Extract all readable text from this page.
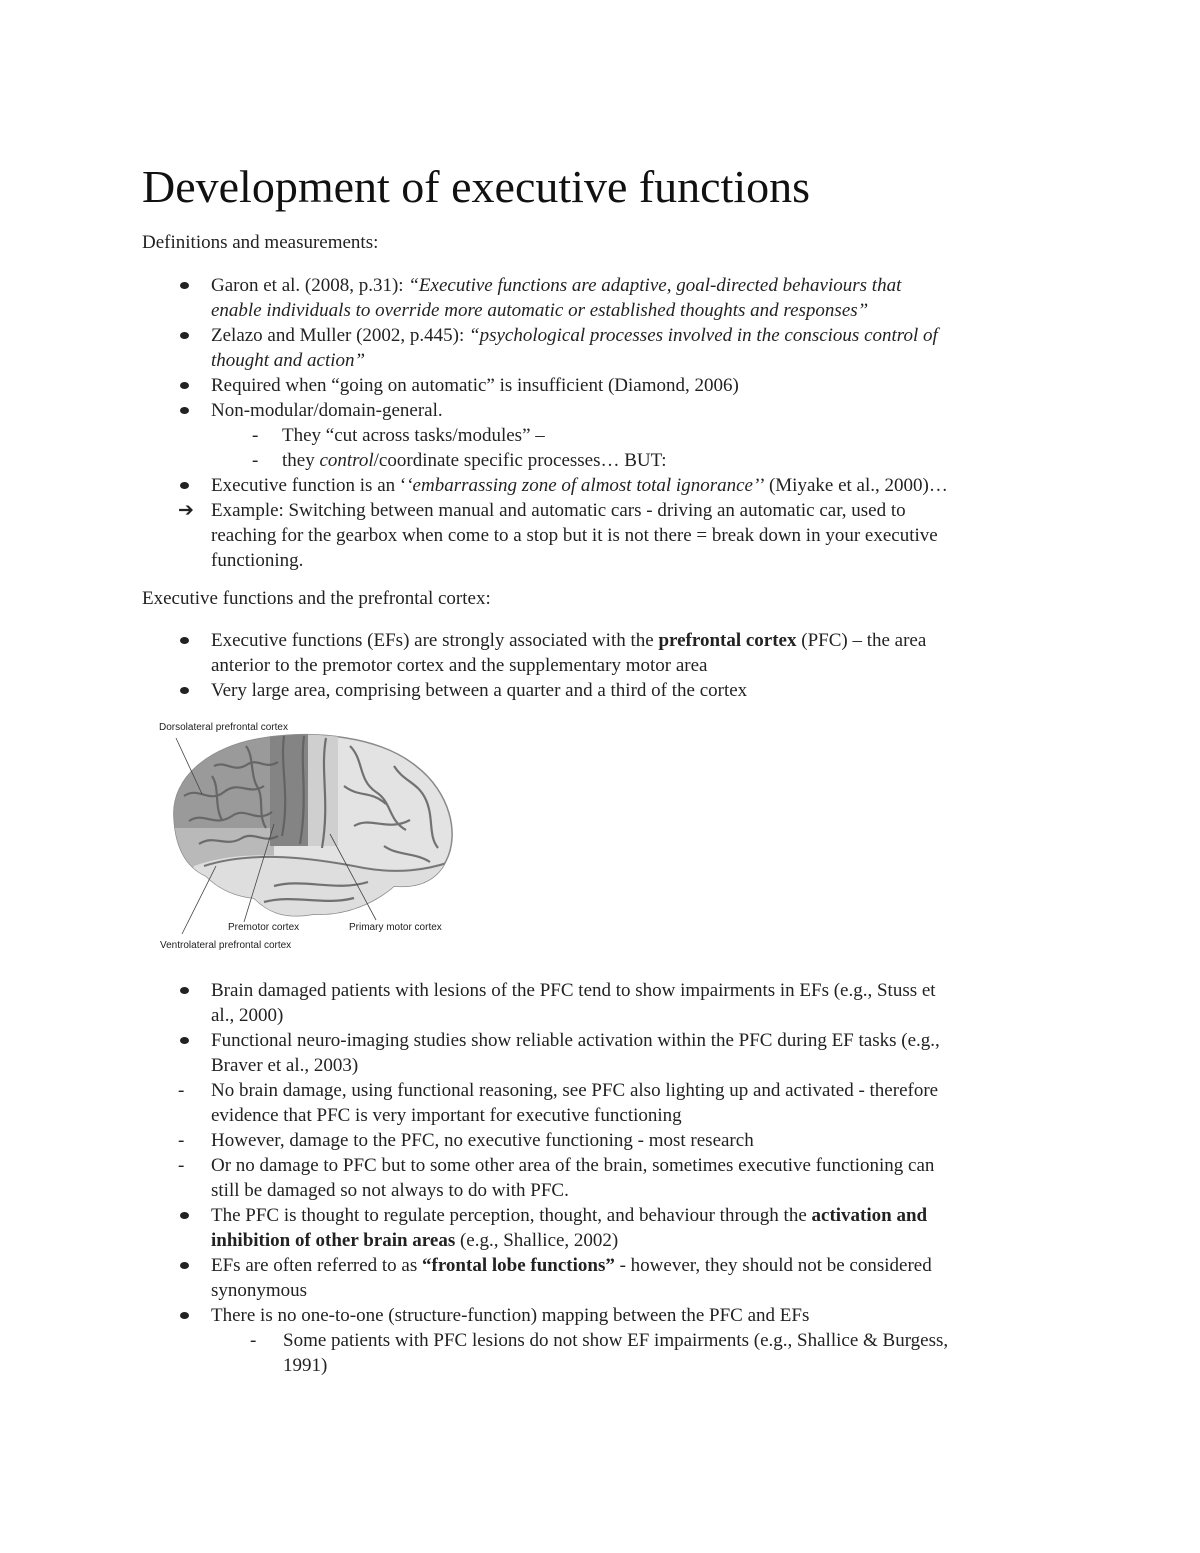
Development of executive functions
Definitions and measurements:
Garon et al. (2008, p.31): “Executive functions are adaptive, goal-directed behaviours that
enable individuals to override more automatic or established thoughts and responses”
Zelazo and Muller (2002, p.445): “psychological processes involved in the conscious control of
thought and action”
Required when “going on automatic” is insufficient (Diamond, 2006)
Non-modular/domain-general.
- They “cut across tasks/modules” –
- they control/coordinate specific processes… BUT:
Executive function is an ‘‘embarrassing zone of almost total ignorance’’ (Miyake et al., 2000)…
➔ Example: Switching between manual and automatic cars - driving an automatic car, used to
reaching for the gearbox when come to a stop but it is not there = break down in your executive
functioning.
Executive functions and the prefrontal cortex:
Executive functions (EFs) are strongly associated with the prefrontal cortex (PFC) – the area
anterior to the premotor cortex and the supplementary motor area
Very large area, comprising between a quarter and a third of the cortex
Dorsolateral prefrontal cortex
Premotor cortex	Primary motor cortex
Ventrolateral prefrontal cortex
Brain damaged patients with lesions of the PFC tend to show impairments in EFs (e.g., Stuss et
al., 2000)
Functional neuro-imaging studies show reliable activation within the PFC during EF tasks (e.g.,
Braver et al., 2003)
- No brain damage, using functional reasoning, see PFC also lighting up and activated - therefore
evidence that PFC is very important for executive functioning
- However, damage to the PFC, no executive functioning - most research
- Or no damage to PFC but to some other area of the brain, sometimes executive functioning can
still be damaged so not always to do with PFC.
The PFC is thought to regulate perception, thought, and behaviour through the activation and
inhibition of other brain areas (e.g., Shallice, 2002)
EFs are often referred to as “frontal lobe functions” - however, they should not be considered
synonymous
There is no one-to-one (structure-function) mapping between the PFC and EFs
- Some patients with PFC lesions do not show EF impairments (e.g., Shallice & Burgess,
1991)
